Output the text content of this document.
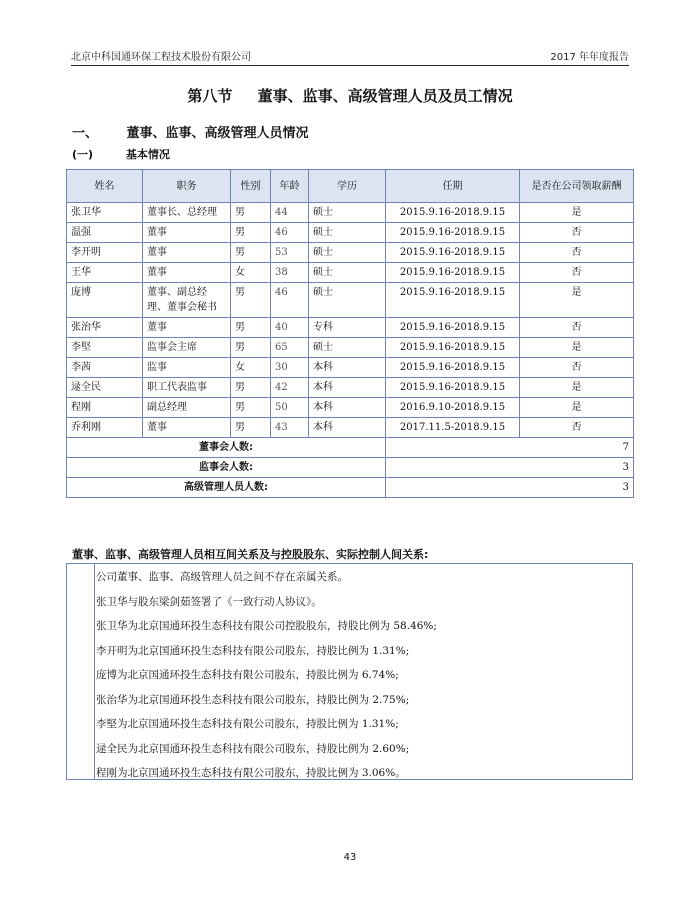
北京中科国通环保工程技术股份有限公司	2017 年年度报告
第八节 董事、监事、高级管理人员及员工情况
一、 董事、监事、高级管理人员情况
(一)	基本情况
姓名	职务	性别	年龄	学历	任期	是否在公司领取薪酬
张卫华	董事长、总经理	男	44	硕士	2015.9.16-2018.9.15	是
温强	董事	男	46	硕士	2015.9.16-2018.9.15	否
李开明	董事	男	53	硕士	2015.9.16-2018.9.15	否
王华	董事	女	38	硕士	2015.9.16-2018.9.15	否
庞博	董事、副总经理、董事会秘书	男	46	硕士	2015.9.16-2018.9.15	是
张治华	董事	男	40	专科	2015.9.16-2018.9.15	否
李堅	监事会主席	男	65	硕士	2015.9.16-2018.9.15	是
李茜	监事	女	30	本科	2015.9.16-2018.9.15	否
逯全民	职工代表监事	男	42	本科	2015.9.16-2018.9.15	是
程刚	副总经理	男	50	本科	2016.9.10-2018.9.15	是
乔利刚	董事	男	43	本科	2017.11.5-2018.9.15	否
董事会人数:					7	
监事会人数:					3	
高级管理人员人数:					3	
董事、监事、高级管理人员相互间关系及与控股股东、实际控制人间关系:
公司董事、监事、高级管理人员之间不存在亲属关系。
张卫华与股东梁剑茹签署了《一致行动人协议》。
张卫华为北京国通环投生态科技有限公司控股股东，持股比例为 58.46%;
李开明为北京国通环投生态科技有限公司股东，持股比例为 1.31%;
庞博为北京国通环投生态科技有限公司股东，持股比例为 6.74%;
张治华为北京国通环投生态科技有限公司股东，持股比例为 2.75%;
李堅为北京国通环投生态科技有限公司股东，持股比例为 1.31%;
逯全民为北京国通环投生态科技有限公司股东，持股比例为 2.60%;
程刚为北京国通环投生态科技有限公司股东，持股比例为 3.06%。
43
